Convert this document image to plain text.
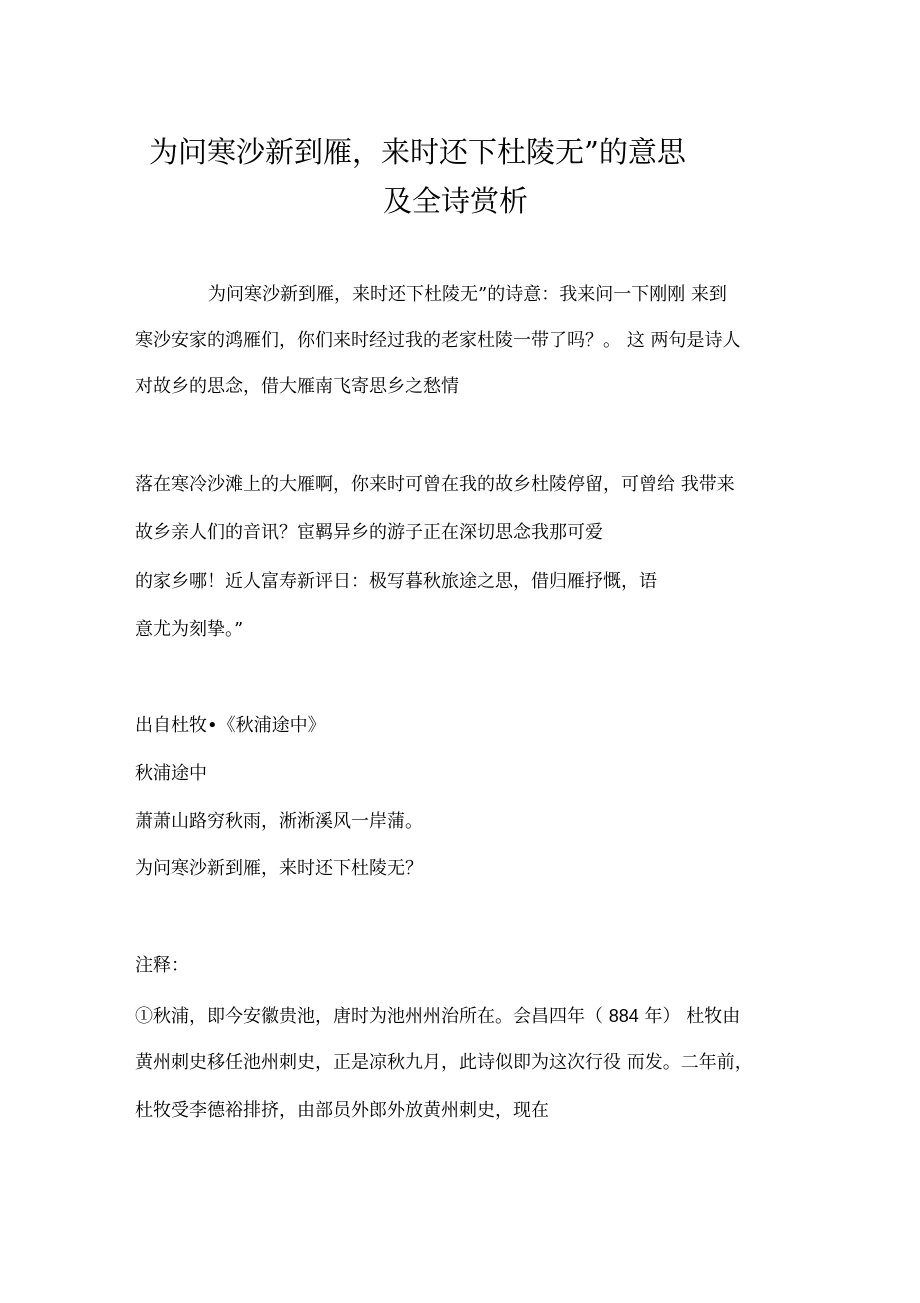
为问寒沙新到雁，来时还下杜陵无”的意思
及全诗赏析
为问寒沙新到雁，来时还下杜陵无”的诗意：我来问一下刚刚 来到
寒沙安家的鸿雁们，你们来时经过我的老家杜陵一带了吗？。 这 两句是诗人
对故乡的思念，借大雁南飞寄思乡之愁情
落在寒冷沙滩上的大雁啊，你来时可曾在我的故乡杜陵停留，可曾给 我带来
故乡亲人们的音讯？宦羁异乡的游子正在深切思念我那可爱
的家乡哪！近人富寿新评日：极写暮秋旅途之思，借归雁抒慨，语
意尤为刻挚。”
出自杜牧•《秋浦途中》
秋浦途中
萧萧山路穷秋雨，淅淅溪风一岸蒲。
为问寒沙新到雁，来时还下杜陵无？
注释：
①秋浦，即今安徽贵池，唐时为池州州治所在。会昌四年（ 884 年） 杜牧由
黄州刺史移任池州刺史，正是凉秋九月，此诗似即为这次行役 而发。二年前，
杜牧受李德裕排挤，由部员外郎外放黄州刺史，现在
